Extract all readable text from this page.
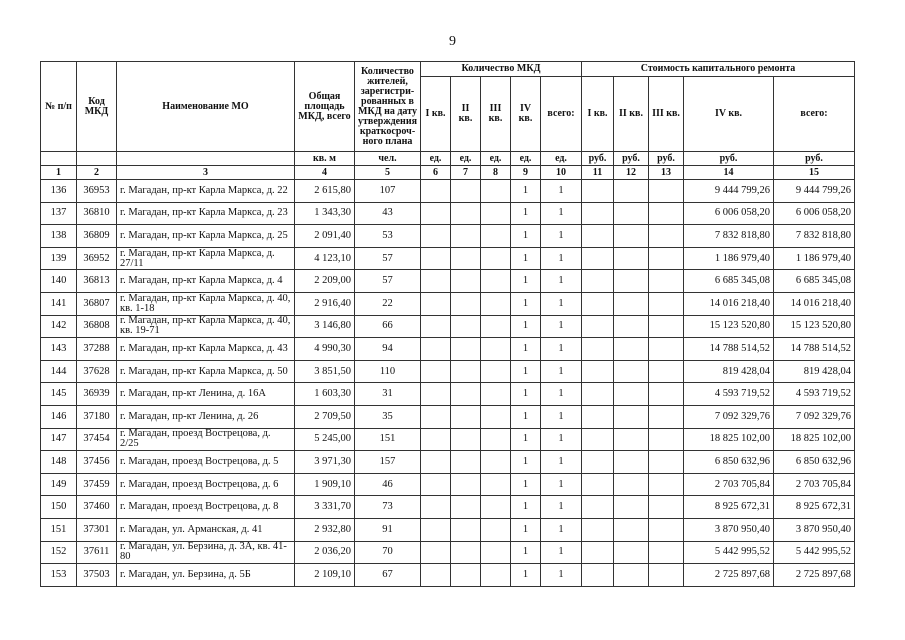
9
№ п/п	Код МКД	Наименование МО	Общая площадь МКД, всего	Количество жителей, зарегистри-рованных в МКД на дату утверждения краткосроч-ного плана	Количество МКД					Стоимость капитального ремонта				
					I кв.	II кв.	III кв.	IV кв.	всего:	I кв.	II кв.	III кв.	IV кв.	всего:
			кв. м	чел.	ед.	ед.	ед.	ед.	ед.	руб.	руб.	руб.	руб.	руб.
1	2	3	4	5	6	7	8	9	10	11	12	13	14	15
136	36953	г. Магадан, пр-кт Карла Маркса, д. 22	2 615,80	107				1	1				9 444 799,26	9 444 799,26
137	36810	г. Магадан, пр-кт Карла Маркса, д. 23	1 343,30	43				1	1				6 006 058,20	6 006 058,20
138	36809	г. Магадан, пр-кт Карла Маркса, д. 25	2 091,40	53				1	1				7 832 818,80	7 832 818,80
139	36952	г. Магадан, пр-кт Карла Маркса, д. 27/11	4 123,10	57				1	1				1 186 979,40	1 186 979,40
140	36813	г. Магадан, пр-кт Карла Маркса, д. 4	2 209,00	57				1	1				6 685 345,08	6 685 345,08
141	36807	г. Магадан, пр-кт Карла Маркса, д. 40, кв. 1-18	2 916,40	22				1	1				14 016 218,40	14 016 218,40
142	36808	г. Магадан, пр-кт Карла Маркса, д. 40, кв. 19-71	3 146,80	66				1	1				15 123 520,80	15 123 520,80
143	37288	г. Магадан, пр-кт Карла Маркса, д. 43	4 990,30	94				1	1				14 788 514,52	14 788 514,52
144	37628	г. Магадан, пр-кт Карла Маркса, д. 50	3 851,50	110				1	1				819 428,04	819 428,04
145	36939	г. Магадан, пр-кт Ленина, д. 16А	1 603,30	31				1	1				4 593 719,52	4 593 719,52
146	37180	г. Магадан, пр-кт Ленина, д. 26	2 709,50	35				1	1				7 092 329,76	7 092 329,76
147	37454	г. Магадан, проезд Вострецова, д. 2/25	5 245,00	151				1	1				18 825 102,00	18 825 102,00
148	37456	г. Магадан, проезд Вострецова, д. 5	3 971,30	157				1	1				6 850 632,96	6 850 632,96
149	37459	г. Магадан, проезд Вострецова, д. 6	1 909,10	46				1	1				2 703 705,84	2 703 705,84
150	37460	г. Магадан, проезд Вострецова, д. 8	3 331,70	73				1	1				8 925 672,31	8 925 672,31
151	37301	г. Магадан, ул. Арманская, д. 41	2 932,80	91				1	1				3 870 950,40	3 870 950,40
152	37611	г. Магадан, ул. Берзина, д. 3А, кв. 41-80	2 036,20	70				1	1				5 442 995,52	5 442 995,52
153	37503	г. Магадан, ул. Берзина, д. 5Б	2 109,10	67				1	1				2 725 897,68	2 725 897,68
